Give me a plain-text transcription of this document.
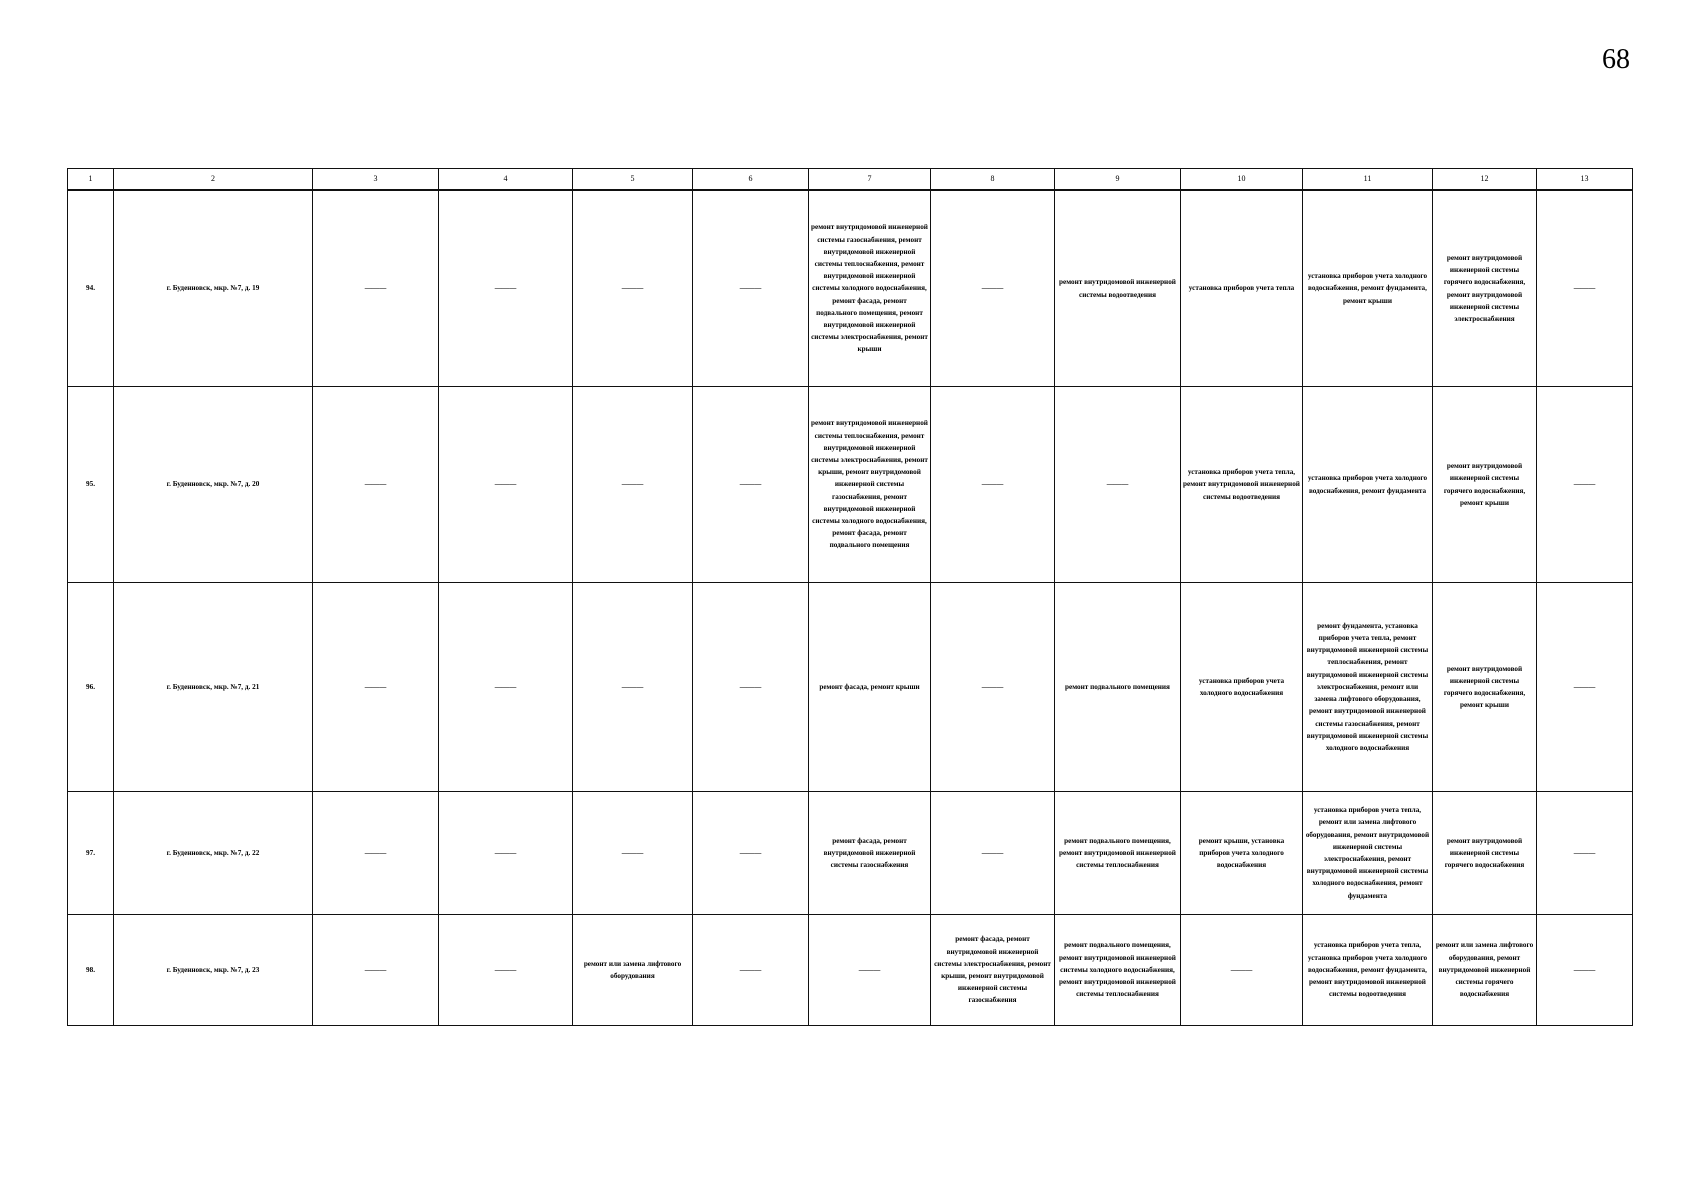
68
1	2	3	4	5	6	7	8	9	10	11	12	13
94.	г. Буденновск, мкр. №7, д. 19	———	———	———	———	ремонт внутридомовой инженерной системы газоснабжения, ремонт внутридомовой инженерной системы теплоснабжения, ремонт внутридомовой инженерной системы холодного водоснабжения, ремонт фасада, ремонт подвального помещения, ремонт внутридомовой инженерной системы электроснабжения, ремонт крыши	———	ремонт внутридомовой инженерной системы водоотведения	установка приборов учета тепла	установка приборов учета холодного водоснабжения, ремонт фундамента, ремонт крыши	ремонт внутридомовой инженерной системы горячего водоснабжения, ремонт внутридомовой инженерной системы электроснабжения	———
95.	г. Буденновск, мкр. №7, д. 20	———	———	———	———	ремонт внутридомовой инженерной системы теплоснабжения, ремонт внутридомовой инженерной системы электроснабжения, ремонт крыши, ремонт внутридомовой инженерной системы газоснабжения, ремонт внутридомовой инженерной системы холодного водоснабжения, ремонт фасада, ремонт подвального помещения	———	———	установка приборов учета тепла, ремонт внутридомовой инженерной системы водоотведения	установка приборов учета холодного водоснабжения, ремонт фундамента	ремонт внутридомовой инженерной системы горячего водоснабжения, ремонт крыши	———
96.	г. Буденновск, мкр. №7, д. 21	———	———	———	———	ремонт фасада, ремонт крыши	———	ремонт подвального помещения	установка приборов учета холодного водоснабжения	ремонт фундамента, установка приборов учета тепла, ремонт внутридомовой инженерной системы теплоснабжения, ремонт внутридомовой инженерной системы электроснабжения, ремонт или замена лифтового оборудования, ремонт внутридомовой инженерной системы газоснабжения, ремонт внутридомовой инженерной системы холодного водоснабжения	ремонт внутридомовой инженерной системы горячего водоснабжения, ремонт крыши	———
97.	г. Буденновск, мкр. №7, д. 22	———	———	———	———	ремонт фасада, ремонт внутридомовой инженерной системы газоснабжения	———	ремонт подвального помещения, ремонт внутридомовой инженерной системы теплоснабжения	ремонт крыши, установка приборов учета холодного водоснабжения	установка приборов учета тепла, ремонт или замена лифтового оборудования, ремонт внутридомовой инженерной системы электроснабжения, ремонт внутридомовой инженерной системы холодного водоснабжения, ремонт фундамента	ремонт внутридомовой инженерной системы горячего водоснабжения	———
98.	г. Буденновск, мкр. №7, д. 23	———	———	ремонт или замена лифтового оборудования	———	———	ремонт фасада, ремонт внутридомовой инженерной системы электроснабжения, ремонт крыши, ремонт внутридомовой инженерной системы газоснабжения	ремонт подвального помещения, ремонт внутридомовой инженерной системы холодного водоснабжения, ремонт внутридомовой инженерной системы теплоснабжения	———	установка приборов учета тепла, установка приборов учета холодного водоснабжения, ремонт фундамента, ремонт внутридомовой инженерной системы водоотведения	ремонт или замена лифтового оборудования, ремонт внутридомовой инженерной системы горячего водоснабжения	———
